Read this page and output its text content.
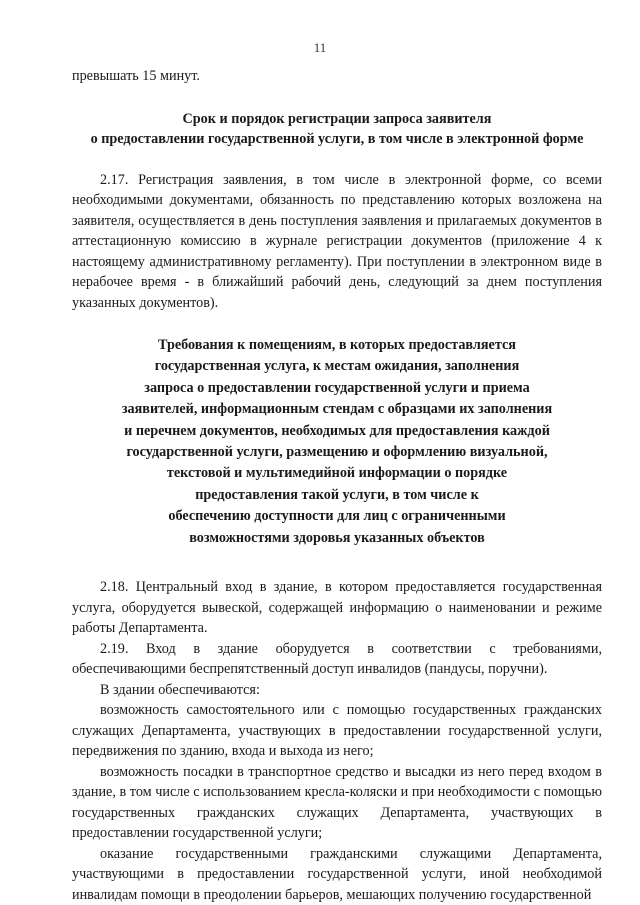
11

превышать 15 минут.

Срок и порядок регистрации запроса заявителя
о предоставлении государственной услуги, в том числе в электронной форме

2.17. Регистрация заявления, в том числе в электронной форме, со всеми необходимыми документами, обязанность по представлению которых возложена на заявителя, осуществляется в день поступления заявления и прилагаемых документов в аттестационную комиссию в журнале регистрации документов (приложение 4 к настоящему административному регламенту). При поступлении в электронном виде в нерабочее время - в ближайший рабочий день, следующий за днем поступления указанных документов).

Требования к помещениям, в которых предоставляется
государственная услуга, к местам ожидания, заполнения
запроса о предоставлении государственной услуги и приема
заявителей, информационным стендам с образцами их заполнения
и перечнем документов, необходимых для предоставления каждой
государственной услуги, размещению и оформлению визуальной,
текстовой и мультимедийной информации о порядке
предоставления такой услуги, в том числе к
обеспечению доступности для лиц с ограниченными
возможностями здоровья указанных объектов

2.18. Центральный вход в здание, в котором предоставляется государственная услуга, оборудуется вывеской, содержащей информацию о наименовании и режиме работы Департамента.

2.19. Вход в здание оборудуется в соответствии с требованиями, обеспечивающими беспрепятственный доступ инвалидов (пандусы, поручни).

В здании обеспечиваются:

возможность самостоятельного или с помощью государственных гражданских служащих Департамента, участвующих в предоставлении государственной услуги, передвижения по зданию, входа и выхода из него;

возможность посадки в транспортное средство и высадки из него перед входом в здание, в том числе с использованием кресла-коляски и при необходимости с помощью государственных гражданских служащих Департамента, участвующих в предоставлении государственной услуги;

оказание государственными гражданскими служащими Департамента, участвующими в предоставлении государственной услуги, иной необходимой инвалидам помощи в преодолении барьеров, мешающих получению государственной
